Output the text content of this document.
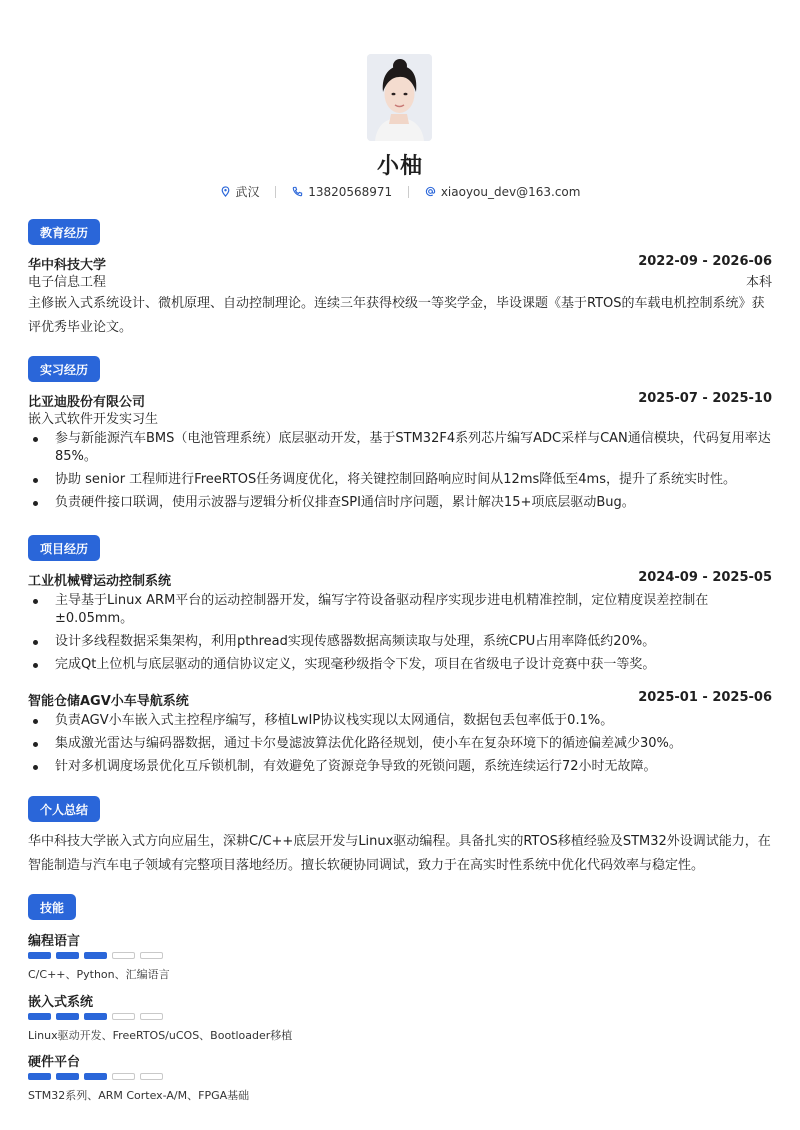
小柚
武汉
	13820568971
	xiaoyou_dev@163.com
教育经历
华中科技大学	2022-09 - 2026-06
电子信息工程	本科
主修嵌入式系统设计、微机原理、自动控制理论。连续三年获得校级一等奖学金，毕设课题《基于RTOS的车载电机控制系统》获评优秀毕业论文。
实习经历
比亚迪股份有限公司	2025-07 - 2025-10
嵌入式软件开发实习生
参与新能源汽车BMS（电池管理系统）底层驱动开发，基于STM32F4系列芯片编写ADC采样与CAN通信模块，代码复用率达85%。
协助 senior 工程师进行FreeRTOS任务调度优化，将关键控制回路响应时间从12ms降低至4ms，提升了系统实时性。
负责硬件接口联调，使用示波器与逻辑分析仪排查SPI通信时序问题，累计解决15+项底层驱动Bug。
项目经历
工业机械臂运动控制系统	2024-09 - 2025-05
主导基于Linux ARM平台的运动控制器开发，编写字符设备驱动程序实现步进电机精准控制，定位精度误差控制在±0.05mm。
设计多线程数据采集架构，利用pthread实现传感器数据高频读取与处理，系统CPU占用率降低约20%。
完成Qt上位机与底层驱动的通信协议定义，实现毫秒级指令下发，项目在省级电子设计竞赛中获一等奖。
智能仓储AGV小车导航系统	2025-01 - 2025-06
负责AGV小车嵌入式主控程序编写，移植LwIP协议栈实现以太网通信，数据包丢包率低于0.1%。
集成激光雷达与编码器数据，通过卡尔曼滤波算法优化路径规划，使小车在复杂环境下的循迹偏差减少30%。
针对多机调度场景优化互斥锁机制，有效避免了资源竞争导致的死锁问题，系统连续运行72小时无故障。
个人总结
华中科技大学嵌入式方向应届生，深耕C/C++底层开发与Linux驱动编程。具备扎实的RTOS移植经验及STM32外设调试能力，在智能制造与汽车电子领域有完整项目落地经历。擅长软硬协同调试，致力于在高实时性系统中优化代码效率与稳定性。
技能
编程语言
C/C++、Python、汇编语言
嵌入式系统
Linux驱动开发、FreeRTOS/uCOS、Bootloader移植
硬件平台
STM32系列、ARM Cortex-A/M、FPGA基础
